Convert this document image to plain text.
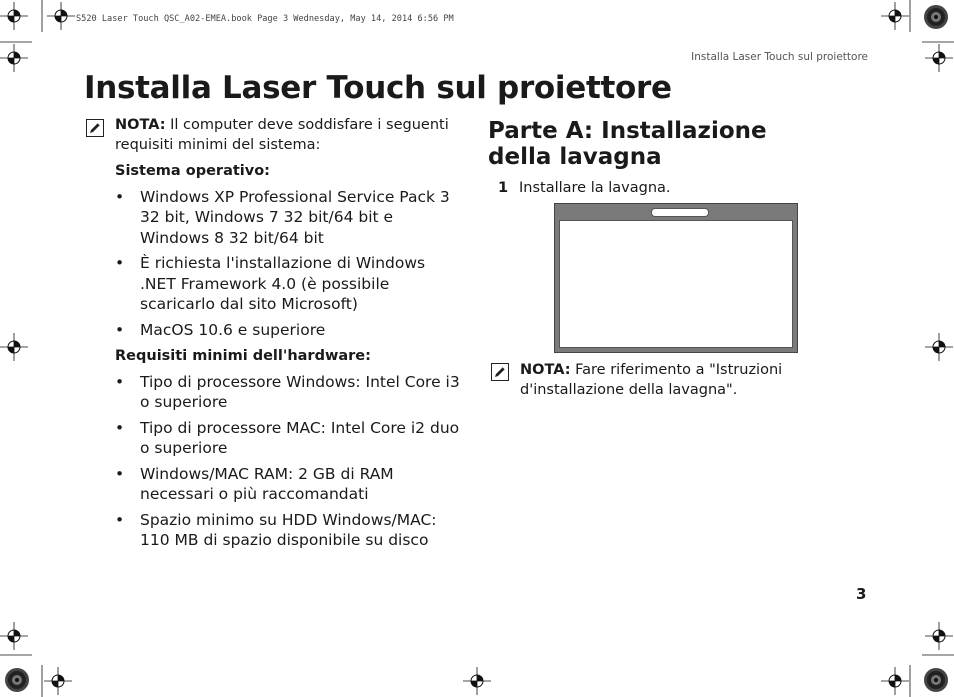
S520 Laser Touch QSC_A02-EMEA.book Page 3 Wednesday, May 14, 2014 6:56 PM
Installa Laser Touch sul proiettore
Installa Laser Touch sul proiettore

NOTA: Il computer deve soddisfare i seguenti requisiti minimi del sistema:

Sistema operativo:
• Windows XP Professional Service Pack 3 32 bit, Windows 7 32 bit/64 bit e Windows 8 32 bit/64 bit
• È richiesta l'installazione di Windows .NET Framework 4.0 (è possibile scaricarlo dal sito Microsoft)
• MacOS 10.6 e superiore
Requisiti minimi dell'hardware:
• Tipo di processore Windows: Intel Core i3 o superiore
• Tipo di processore MAC: Intel Core i2 duo o superiore
• Windows/MAC RAM: 2 GB di RAM necessari o più raccomandati
• Spazio minimo su HDD Windows/MAC: 110 MB di spazio disponibile su disco
Parte A: Installazione della lavagna
1 Installare la lavagna.

NOTA: Fare riferimento a "Istruzioni d'installazione della lavagna".

3
